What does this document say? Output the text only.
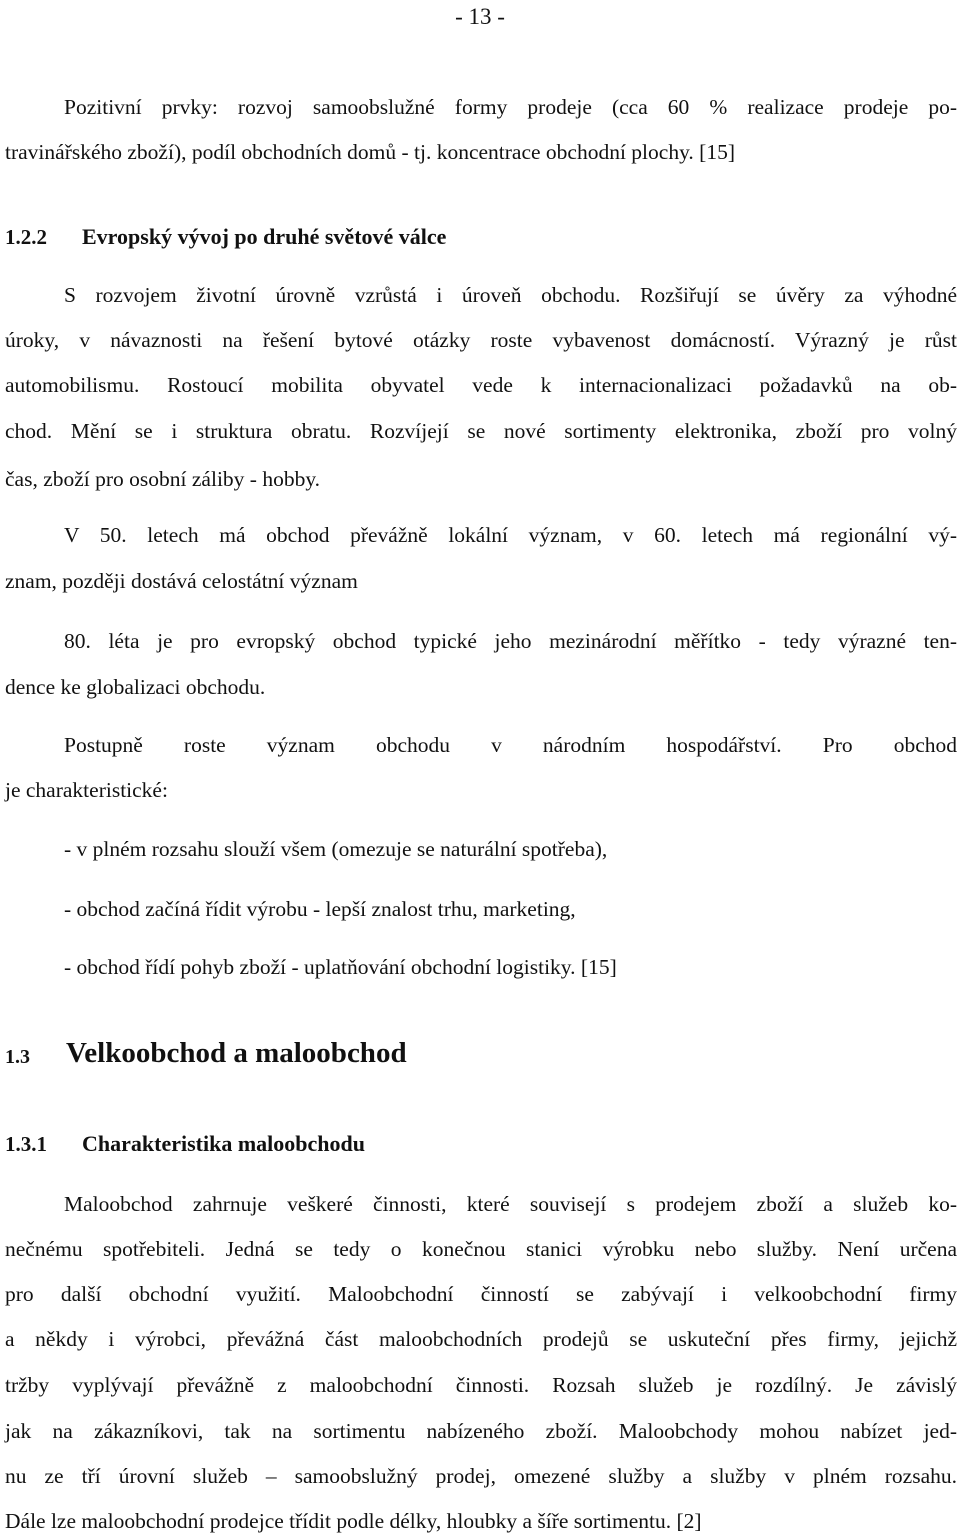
- 13 -
Pozitivní prvky: rozvoj samoobslužné formy prodeje (cca 60 % realizace prodeje po-
travinářského zboží), podíl obchodních domů - tj. koncentrace obchodní plochy. [15]
1.2.2 Evropský vývoj po druhé světové válce
S rozvojem životní úrovně vzrůstá i úroveň obchodu. Rozšiřují se úvěry za výhodné
úroky, v návaznosti na řešení bytové otázky roste vybavenost domácností. Výrazný je růst
automobilismu. Rostoucí mobilita obyvatel vede k internacionalizaci požadavků na ob-
chod. Mění se i struktura obratu. Rozvíjejí se nové sortimenty elektronika, zboží pro volný
čas, zboží pro osobní záliby - hobby.
V 50. letech má obchod převážně lokální význam, v 60. letech má regionální vý-
znam, později dostává celostátní význam
80. léta je pro evropský obchod typické jeho mezinárodní měřítko - tedy výrazné ten-
dence ke globalizaci obchodu.
Postupně roste význam obchodu v národním hospodářství. Pro obchod
je charakteristické:
- v plném rozsahu slouží všem (omezuje se naturální spotřeba),
- obchod začíná řídit výrobu - lepší znalost trhu, marketing,
- obchod řídí pohyb zboží - uplatňování obchodní logistiky. [15]
1.3 Velkoobchod a maloobchod
1.3.1 Charakteristika maloobchodu
Maloobchod zahrnuje veškeré činnosti, které souvisejí s prodejem zboží a služeb ko-
nečnému spotřebiteli. Jedná se tedy o konečnou stanici výrobku nebo služby. Není určena
pro další obchodní využití. Maloobchodní činností se zabývají i velkoobchodní firmy
a někdy i výrobci, převážná část maloobchodních prodejů se uskuteční přes firmy, jejichž
tržby vyplývají převážně z maloobchodní činnosti. Rozsah služeb je rozdílný. Je závislý
jak na zákazníkovi, tak na sortimentu nabízeného zboží. Maloobchody mohou nabízet jed-
nu ze tří úrovní služeb – samoobslužný prodej, omezené služby a služby v plném rozsahu.
Dále lze maloobchodní prodejce třídit podle délky, hloubky a šíře sortimentu. [2]
